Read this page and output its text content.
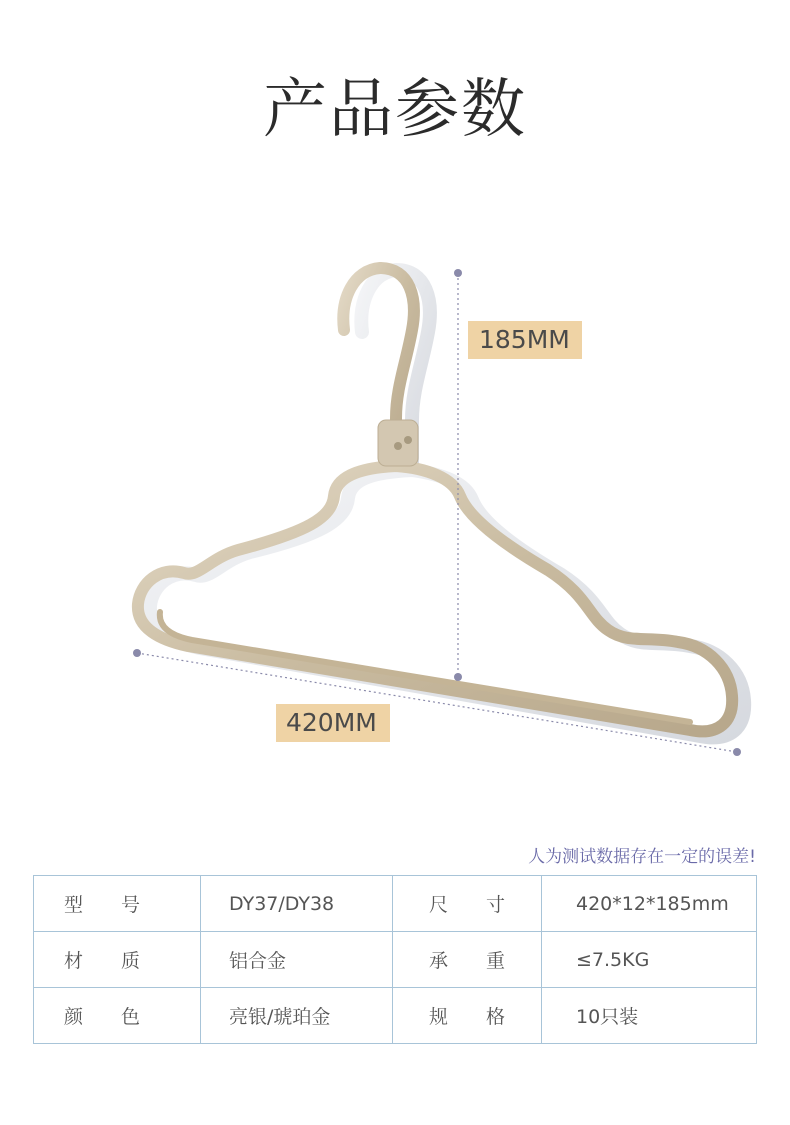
产品参数
185MM
420MM
人为测试数据存在一定的误差!
型　　号	DY37/DY38	尺　　寸	420*12*185mm
材　　质	铝合金	承　　重	≤7.5KG
颜　　色	亮银/琥珀金	规　　格	10只装
